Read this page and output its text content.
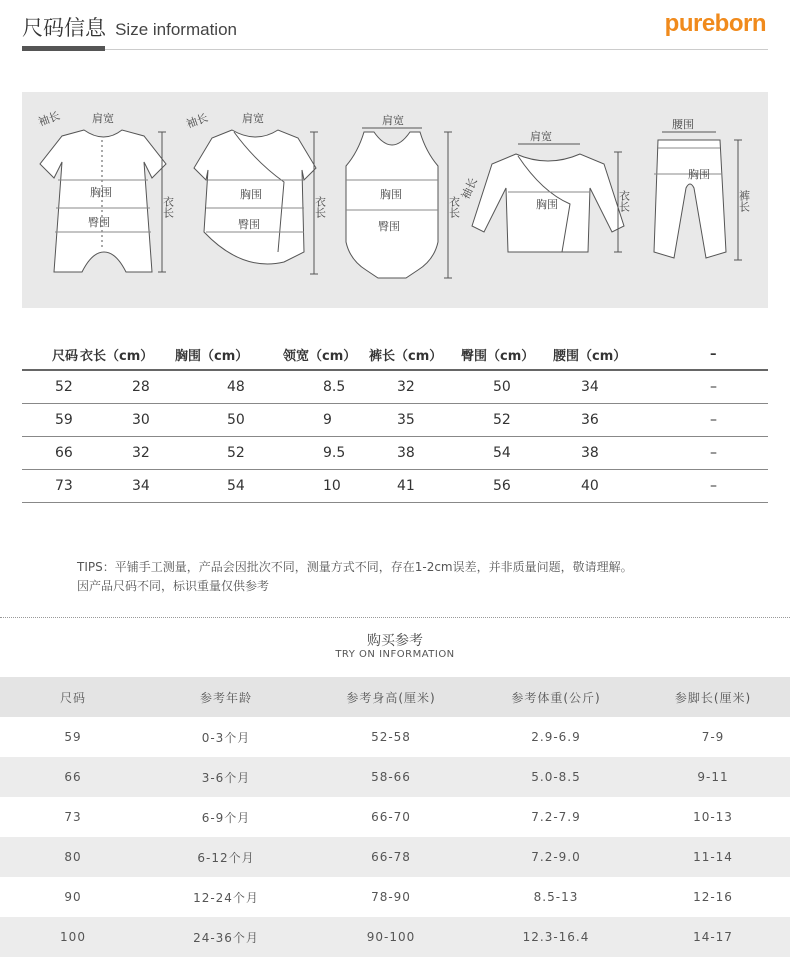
尺码信息 Size information	pureborn
袖长	肩宽
胸围
臀围
衣长
袖长	肩宽
胸围
臀围
衣长
肩宽
胸围
臀围
衣长
袖长
肩宽
胸围	衣长
腰围
胸围
裤长
尺码	衣长（cm）	胸围（cm）	领宽（cm）	裤长（cm）	臀围（cm）	腰围（cm）	–
52	28	48	8.5	32	50	34	–
59	30	50	9	35	52	36	–
66	32	52	9.5	38	54	38	–
73	34	54	10	41	56	40	–
TIPS：平铺手工测量，产品会因批次不同，测量方式不同，存在1-2cm误差，并非质量问题，敬请理解。
因产品尺码不同，标识重量仅供参考
购买参考
TRY ON INFORMATION
尺码	参考年龄	参考身高(厘米)	参考体重(公斤)	参脚长(厘米)
59	0-3个月	52-58	2.9-6.9	7-9
66	3-6个月	58-66	5.0-8.5	9-11
73	6-9个月	66-70	7.2-7.9	10-13
80	6-12个月	66-78	7.2-9.0	11-14
90	12-24个月	78-90	8.5-13	12-16
100	24-36个月	90-100	12.3-16.4	14-17
